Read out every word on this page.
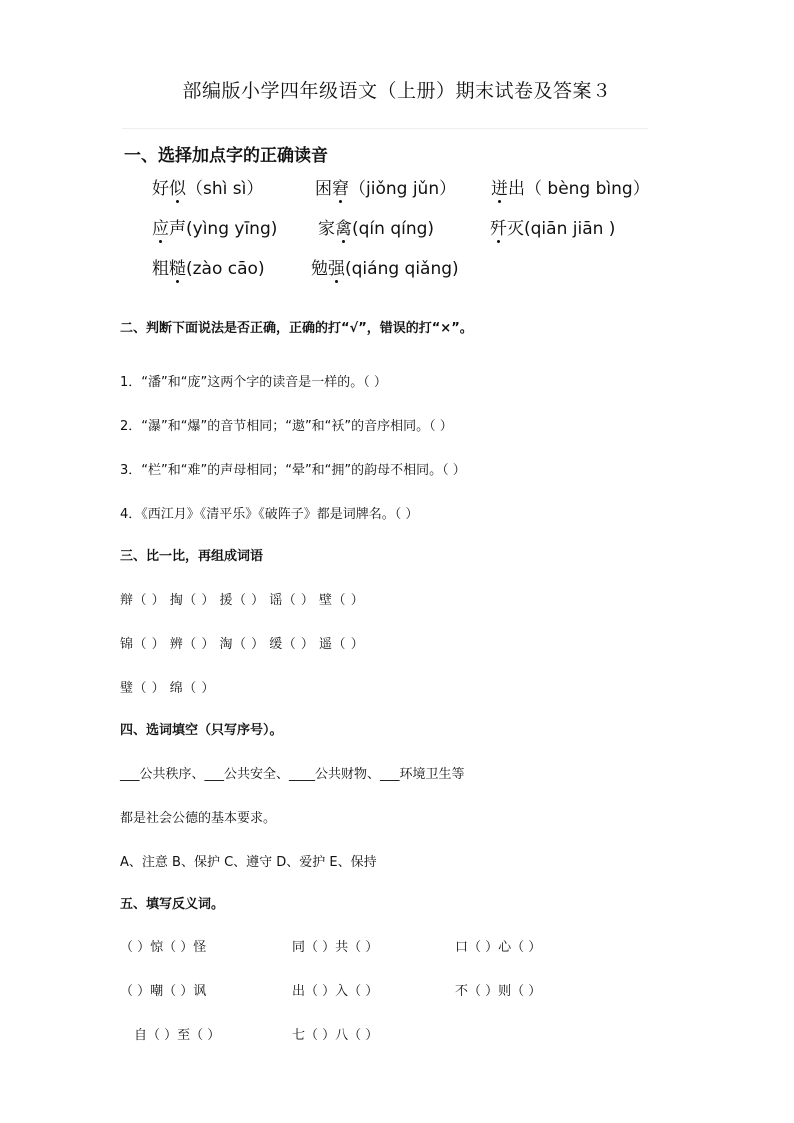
部编版小学四年级语文（上册）期末试卷及答案３
一、选择加点字的正确读音
好似（shì sì）	困窘（jiǒng jǔn） 迸出（ bèng bìng）
应声(yìng yīng) 家禽(qín qíng)	歼灭(qiān jiān )
粗糙(zào cāo)	勉强(qiáng qiǎng)
二、判断下面说法是否正确，正确的打“√”，错误的打“×”。
1．“潘”和“庞”这两个字的读音是一样的。（ ）
2．“瀑”和“爆”的音节相同；“遨”和“袄”的音序相同。（ ）
3．“栏”和“难”的声母相同；“晕”和“拥”的韵母不相同。（ ）
4．《西江月》《清平乐》《破阵子》都是词牌名。（ ）
三、比一比，再组成词语
辩（ ） 掏（ ） 援（ ） 谣（ ） 壁（ ）
锦（ ） 辨（ ） 淘（ ） 缓（ ） 遥（ ）
璧（ ） 绵（ ）
四、选词填空（只写序号）。
___公共秩序、___公共安全、____公共财物、___环境卫生等
都是社会公德的基本要求。
A、注意 B、保护 C、遵守 D、爱护 E、保持
五、填写反义词。
（ ）惊（ ）怪	同（ ）共（ ）	口（ ）心（ ）
（ ）嘲（ ）讽	出（ ）入（ ）	不（ ）则（ ）
自（ ）至（ ）	七（ ）八（ ）
